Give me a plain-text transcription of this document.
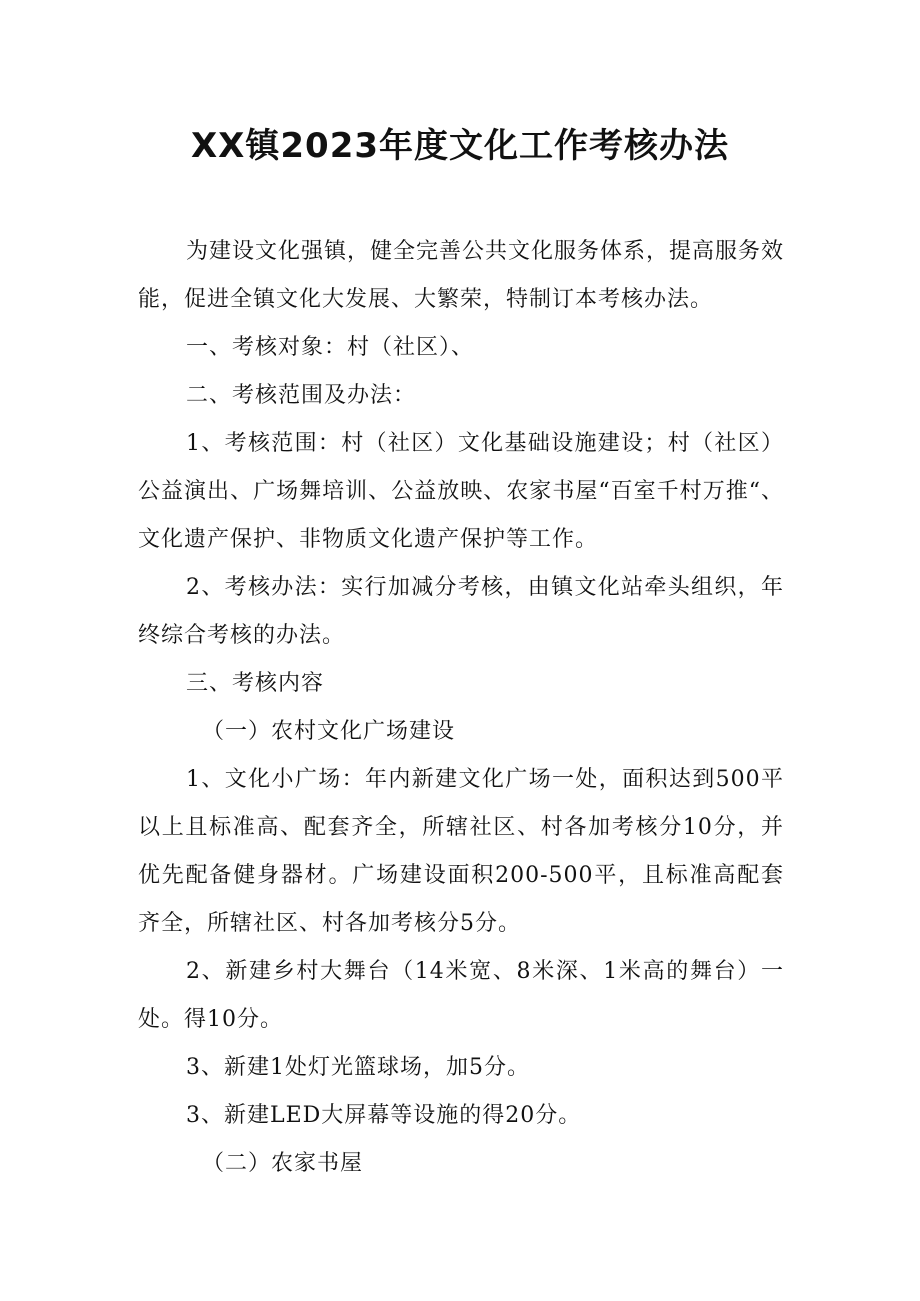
XX镇2023年度文化工作考核办法

为建设文化强镇，健全完善公共文化服务体系，提高服务效能，促进全镇文化大发展、大繁荣，特制订本考核办法。

一、考核对象：村（社区）、

二、考核范围及办法：

1、考核范围：村（社区）文化基础设施建设；村（社区）公益演出、广场舞培训、公益放映、农家书屋“百室千村万推“、文化遗产保护、非物质文化遗产保护等工作。

2、考核办法：实行加减分考核，由镇文化站牵头组织，年终综合考核的办法。

三、考核内容

（一）农村文化广场建设

1、文化小广场：年内新建文化广场一处，面积达到500平以上且标准高、配套齐全，所辖社区、村各加考核分10分，并优先配备健身器材。广场建设面积200-500平，且标准高配套齐全，所辖社区、村各加考核分5分。

2、新建乡村大舞台（14米宽、8米深、1米高的舞台）一处。得10分。

3、新建1处灯光篮球场，加5分。

3、新建LED大屏幕等设施的得20分。

（二）农家书屋
